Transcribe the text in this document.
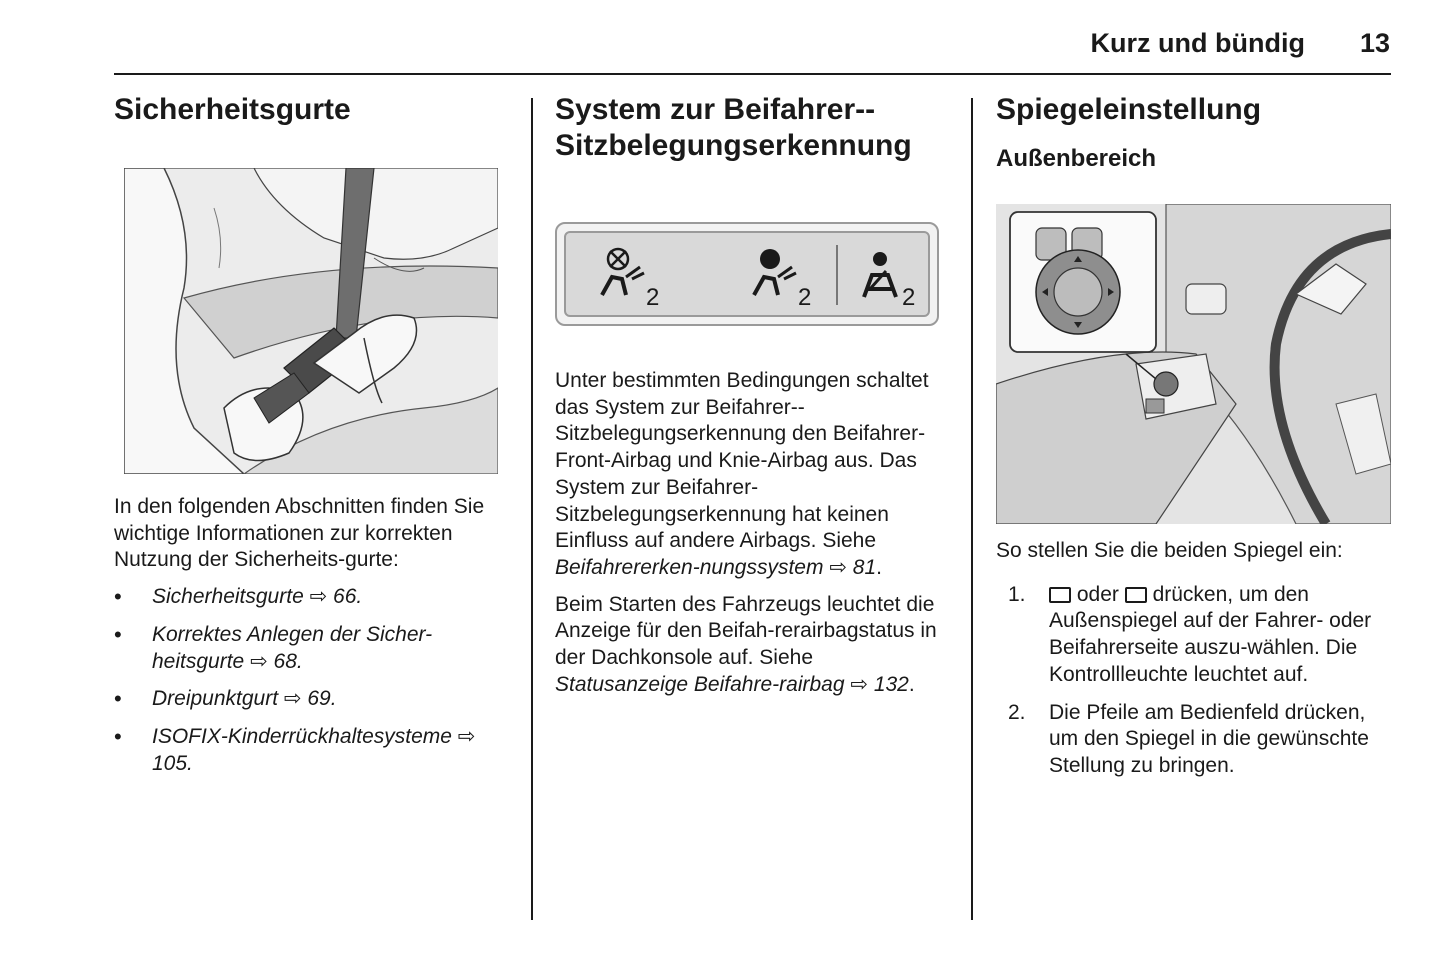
Kurz und bündig 13
Sicherheitsgurte

In den folgenden Abschnitten finden Sie wichtige Informationen zur korrekten Nutzung der Sicherheits-gurte:

• Sicherheitsgurte ⇨ 66.
• Korrektes Anlegen der Sicher-heitsgurte ⇨ 68.
• Dreipunktgurt ⇨ 69.
• ISOFIX-Kinderrückhaltesysteme ⇨ 105.
System zur Beifahrer--Sitzbelegungserkennung
2	2	2

Unter bestimmten Bedingungen schaltet das System zur Beifahrer--Sitzbelegungserkennung den Beifahrer-Front-Airbag und Knie-Airbag aus. Das System zur Beifahrer-Sitzbelegungserkennung hat keinen Einfluss auf andere Airbags. Siehe Beifahrererken-nungssystem ⇨ 81.

Beim Starten des Fahrzeugs leuchtet die Anzeige für den Beifah-rerairbagstatus in der Dachkonsole auf. Siehe Statusanzeige Beifahre-rairbag ⇨ 132.

Spiegeleinstellung
Außenbereich

So stellen Sie die beiden Spiegel ein:

1. oder drücken, um den Außenspiegel auf der Fahrer- oder Beifahrerseite auszu-wählen. Die Kontrollleuchte leuchtet auf.
2. Die Pfeile am Bedienfeld drücken, um den Spiegel in die gewünschte Stellung zu bringen.
